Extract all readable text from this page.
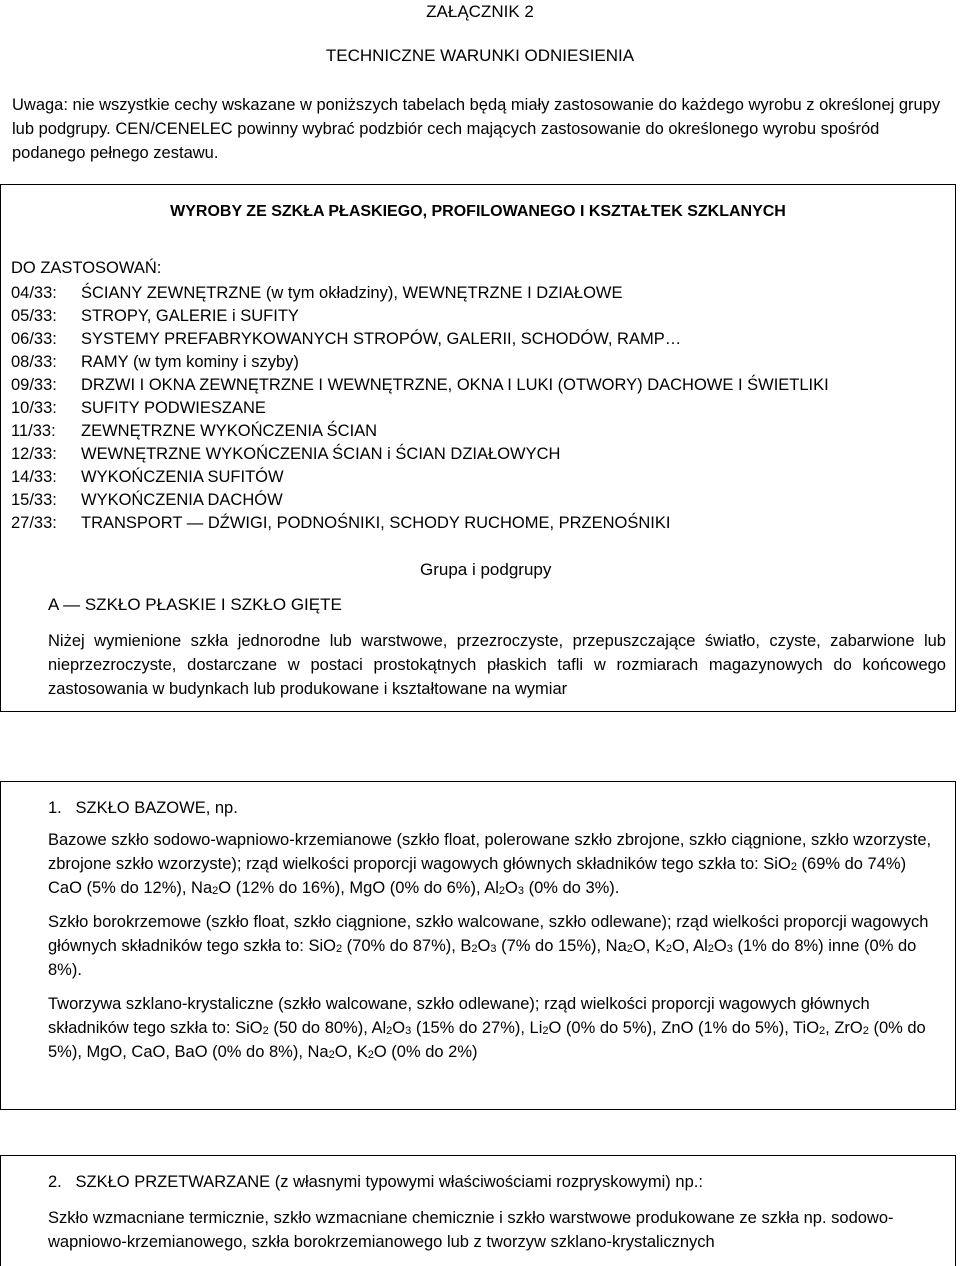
ZAŁĄCZNIK 2
TECHNICZNE WARUNKI ODNIESIENIA
Uwaga: nie wszystkie cechy wskazane w poniższych tabelach będą miały zastosowanie do każdego wyrobu z określonej grupy lub podgrupy. CEN/CENELEC powinny wybrać podzbiór cech mających zastosowanie do określonego wyrobu spośród podanego pełnego zestawu.
WYROBY ZE SZKŁA PŁASKIEGO, PROFILOWANEGO I KSZTAŁTEK SZKLANYCH
DO ZASTOSOWAŃ:
04/33:	ŚCIANY ZEWNĘTRZNE (w tym okładziny), WEWNĘTRZNE I DZIAŁOWE
05/33:	STROPY, GALERIE i SUFITY
06/33:	SYSTEMY PREFABRYKOWANYCH STROPÓW, GALERII, SCHODÓW, RAMP…
08/33:	RAMY (w tym kominy i szyby)
09/33:	DRZWI I OKNA ZEWNĘTRZNE I WEWNĘTRZNE, OKNA I LUKI (OTWORY) DACHOWE I ŚWIETLIKI
10/33:	SUFITY PODWIESZANE
11/33:	ZEWNĘTRZNE WYKOŃCZENIA ŚCIAN
12/33:	WEWNĘTRZNE WYKOŃCZENIA ŚCIAN i ŚCIAN DZIAŁOWYCH
14/33:	WYKOŃCZENIA SUFITÓW
15/33:	WYKOŃCZENIA DACHÓW
27/33:	TRANSPORT — DŹWIGI, PODNOŚNIKI, SCHODY RUCHOME, PRZENOŚNIKI
Grupa i podgrupy
A — SZKŁO PŁASKIE I SZKŁO GIĘTE
Niżej wymienione szkła jednorodne lub warstwowe, przezroczyste, przepuszczające światło, czyste, zabarwione lub nieprzezroczyste, dostarczane w postaci prostokątnych płaskich tafli w rozmiarach magazynowych do końcowego zastosowania w budynkach lub produkowane i kształtowane na wymiar
1.   SZKŁO BAZOWE, np.
Bazowe szkło sodowo-wapniowo-krzemianowe (szkło float, polerowane szkło zbrojone, szkło ciągnione, szkło wzorzyste, zbrojone szkło wzorzyste); rząd wielkości proporcji wagowych głównych składników tego szkła to: SiO$_2$ (69% do 74%) CaO (5% do 12%), $Na_2O$ (12% do 16%), MgO (0% do 6%), $Al_2O_3$ (0% do 3%).
Szkło borokrzemowe (szkło float, szkło ciągnione, szkło walcowane, szkło odlewane); rząd wielkości proporcji wagowych głównych składników tego szkła to: SiO$_2$ (70% do 87%), $B_2O_3$ (7% do 15%), $Na_2O$, $K_2O$, $Al_2O_3$ (1% do 8%) inne (0% do 8%).
Tworzywa szklano-krystaliczne (szkło walcowane, szkło odlewane); rząd wielkości proporcji wagowych głównych składników tego szkła to: SiO$_2$ (50 do 80%), $Al_2O_3$ (15% do 27%), $Li_2O$ (0% do 5%), ZnO (1% do 5%), TiO$_2$, ZrO$_2$ (0% do 5%), MgO, CaO, BaO (0% do 8%), $Na_2O$, $K_2O$ (0% do 2%)
2.   SZKŁO PRZETWARZANE (z własnymi typowymi właściwościami rozpryskowymi) np.:
Szkło wzmacniane termicznie, szkło wzmacniane chemicznie i szkło warstwowe produkowane ze szkła np. sodowo-wapniowo-krzemianowego, szkła borokrzemianowego lub z tworzyw szklano-krystalicznych
